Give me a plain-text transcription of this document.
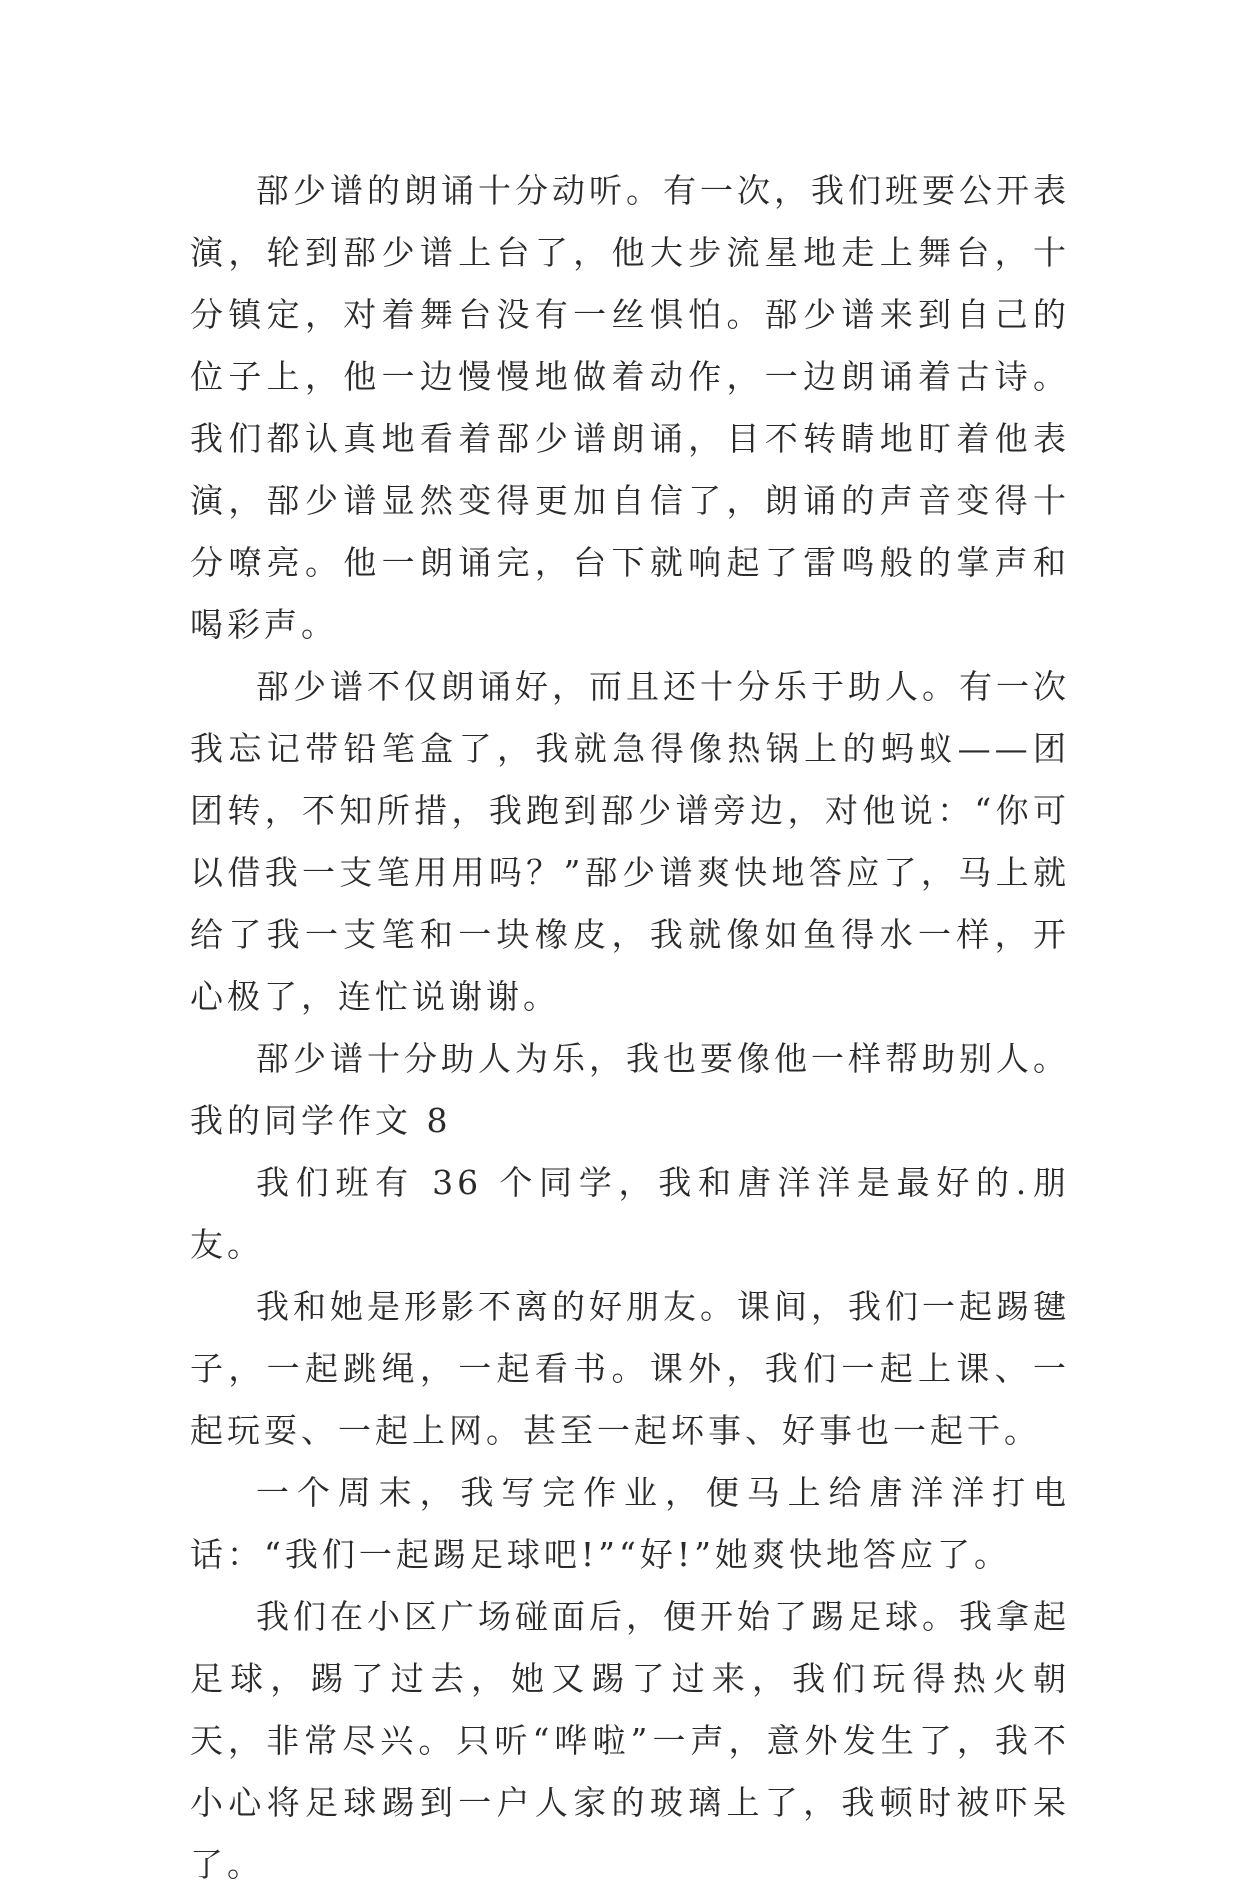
郚少谱的朗诵十分动听。有一次，我们班要公开表演，轮到郚少谱上台了，他大步流星地走上舞台，十分镇定，对着舞台没有一丝惧怕。郚少谱来到自己的位子上，他一边慢慢地做着动作，一边朗诵着古诗。我们都认真地看着郚少谱朗诵，目不转睛地盯着他表演，郚少谱显然变得更加自信了，朗诵的声音变得十分嘹亮。他一朗诵完，台下就响起了雷鸣般的掌声和喝彩声。

郚少谱不仅朗诵好，而且还十分乐于助人。有一次我忘记带铅笔盒了，我就急得像热锅上的蚂蚁——团团转，不知所措，我跑到郚少谱旁边，对他说：“你可以借我一支笔用用吗？”郚少谱爽快地答应了，马上就给了我一支笔和一块橡皮，我就像如鱼得水一样，开心极了，连忙说谢谢。

郚少谱十分助人为乐，我也要像他一样帮助别人。

我的同学作文 8

我们班有 36 个同学，我和唐洋洋是最好的.朋友。

我和她是形影不离的好朋友。课间，我们一起踢毽子，一起跳绳，一起看书。课外，我们一起上课、一起玩耍、一起上网。甚至一起坏事、好事也一起干。

一个周末，我写完作业，便马上给唐洋洋打电话：“我们一起踢足球吧!”“好!”她爽快地答应了。

我们在小区广场碰面后，便开始了踢足球。我拿起足球，踢了过去，她又踢了过来，我们玩得热火朝天，非常尽兴。只听“哗啦”一声，意外发生了，我不小心将足球踢到一户人家的玻璃上了，我顿时被吓呆了。
